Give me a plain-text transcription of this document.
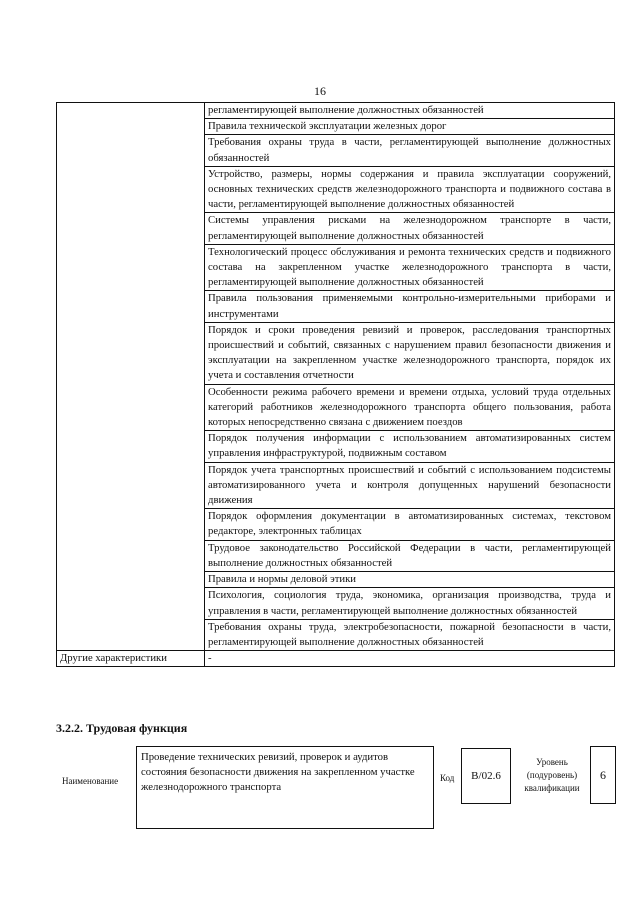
16
	регламентирующей выполнение должностных обязанностей
	Правила технической эксплуатации железных дорог
	Требования охраны труда в части, регламентирующей выполнение должностных обязанностей
	Устройство, размеры, нормы содержания и правила эксплуатации сооружений, основных технических средств железнодорожного транспорта и подвижного состава в части, регламентирующей выполнение должностных обязанностей
	Системы управления рисками на железнодорожном транспорте в части, регламентирующей выполнение должностных обязанностей
	Технологический процесс обслуживания и ремонта технических средств и подвижного состава на закрепленном участке железнодорожного транспорта в части, регламентирующей выполнение должностных обязанностей
	Правила пользования применяемыми контрольно-измерительными приборами и инструментами
	Порядок и сроки проведения ревизий и проверок, расследования транспортных происшествий и событий, связанных с нарушением правил безопасности движения и эксплуатации на закрепленном участке железнодорожного транспорта, порядок их учета и составления отчетности
	Особенности режима рабочего времени и времени отдыха, условий труда отдельных категорий работников железнодорожного транспорта общего пользования, работа которых непосредственно связана с движением поездов
	Порядок получения информации с использованием автоматизированных систем управления инфраструктурой, подвижным составом
	Порядок учета транспортных происшествий и событий с использованием подсистемы автоматизированного учета и контроля допущенных нарушений безопасности движения
	Порядок оформления документации в автоматизированных системах, текстовом редакторе, электронных таблицах
	Трудовое законодательство Российской Федерации в части, регламентирующей выполнение должностных обязанностей
	Правила и нормы деловой этики
	Психология, социология труда, экономика, организация производства, труда и управления в части, регламентирующей выполнение должностных обязанностей
	Требования охраны труда, электробезопасности, пожарной безопасности в части, регламентирующей выполнение должностных обязанностей
Другие характеристики	-
3.2.2. Трудовая функция
Наименование
Проведение технических ревизий, проверок и аудитов состояния безопасности движения на закрепленном участке железнодорожного транспорта
Код	B/02.6
Уровень
(подуровень)
квалификации
6
